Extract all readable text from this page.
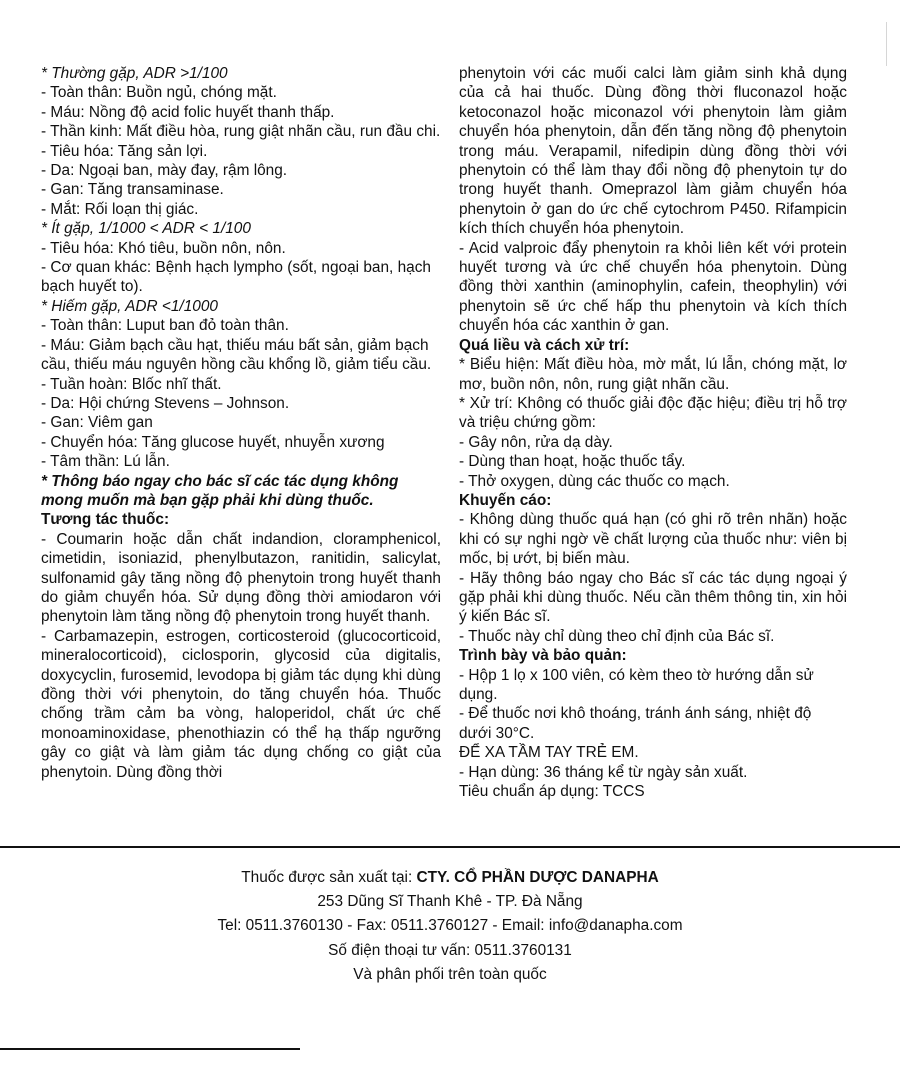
* Thường gặp, ADR >1/100

- Toàn thân: Buồn ngủ, chóng mặt.

- Máu: Nồng độ acid folic huyết thanh thấp.

- Thần kinh: Mất điều hòa, rung giật nhãn cầu, run đầu chi.

- Tiêu hóa: Tăng sản lợi.

- Da: Ngoại ban, mày đay, rậm lông.

- Gan: Tăng transaminase.

- Mắt: Rối loạn thị giác.

* Ít gặp, 1/1000 < ADR < 1/100

- Tiêu hóa: Khó tiêu, buồn nôn, nôn.

- Cơ quan khác: Bệnh hạch lympho (sốt, ngoại ban, hạch bạch huyết to).

* Hiếm gặp, ADR <1/1000

- Toàn thân: Luput ban đỏ toàn thân.

- Máu: Giảm bạch cầu hạt, thiếu máu bất sản, giảm bạch cầu, thiếu máu nguyên hồng cầu khổng lồ, giảm tiểu cầu.

- Tuần hoàn: Blốc nhĩ thất.

- Da: Hội chứng Stevens – Johnson.

- Gan: Viêm gan

- Chuyển hóa: Tăng glucose huyết, nhuyễn xương

- Tâm thần: Lú lẫn.

* Thông báo ngay cho bác sĩ các tác dụng không mong muốn mà bạn gặp phải khi dùng thuốc.

Tương tác thuốc:

- Coumarin hoặc dẫn chất indandion, cloramphenicol, cimetidin, isoniazid, phenylbutazon, ranitidin, salicylat, sulfonamid gây tăng nồng độ phenytoin trong huyết thanh do giảm chuyển hóa. Sử dụng đồng thời amiodaron với phenytoin làm tăng nồng độ phenytoin trong huyết thanh.

- Carbamazepin, estrogen, corticosteroid (glucocorticoid, mineralocorticoid), ciclosporin, glycosid của digitalis, doxycyclin, furosemid, levodopa bị giảm tác dụng khi dùng đồng thời với phenytoin, do tăng chuyển hóa. Thuốc chống trầm cảm ba vòng, haloperidol, chất ức chế monoaminoxidase, phenothiazin có thể hạ thấp ngưỡng gây co giật và làm giảm tác dụng chống co giật của phenytoin. Dùng đồng thời

phenytoin với các muối calci làm giảm sinh khả dụng của cả hai thuốc. Dùng đồng thời fluconazol hoặc ketoconazol hoặc miconazol với phenytoin làm giảm chuyển hóa phenytoin, dẫn đến tăng nồng độ phenytoin trong máu. Verapamil, nifedipin dùng đồng thời với phenytoin có thể làm thay đổi nồng độ phenytoin tự do trong huyết thanh. Omeprazol làm giảm chuyển hóa phenytoin ở gan do ức chế cytochrom P450. Rifampicin kích thích chuyển hóa phenytoin.

- Acid valproic đẩy phenytoin ra khỏi liên kết với protein huyết tương và ức chế chuyển hóa phenytoin. Dùng đồng thời xanthin (aminophylin, cafein, theophylin) với phenytoin sẽ ức chế hấp thu phenytoin và kích thích chuyển hóa các xanthin ở gan.

Quá liều và cách xử trí:

* Biểu hiện: Mất điều hòa, mờ mắt, lú lẫn, chóng mặt, lơ mơ, buồn nôn, nôn, rung giật nhãn cầu.

* Xử trí: Không có thuốc giải độc đặc hiệu; điều trị hỗ trợ và triệu chứng gồm:

- Gây nôn, rửa dạ dày.

- Dùng than hoạt, hoặc thuốc tẩy.

- Thở oxygen, dùng các thuốc co mạch.

Khuyến cáo:

- Không dùng thuốc quá hạn (có ghi rõ trên nhãn) hoặc khi có sự nghi ngờ về chất lượng của thuốc như: viên bị mốc, bị ướt, bị biến màu.

- Hãy thông báo ngay cho Bác sĩ các tác dụng ngoại ý gặp phải khi dùng thuốc. Nếu cần thêm thông tin, xin hỏi ý kiến Bác sĩ.

- Thuốc này chỉ dùng theo chỉ định của Bác sĩ.

Trình bày và bảo quản:

- Hộp 1 lọ x 100 viên, có kèm theo tờ hướng dẫn sử dụng.

- Để thuốc nơi khô thoáng, tránh ánh sáng, nhiệt độ dưới 30°C.

ĐỂ XA TẦM TAY TRẺ EM.

- Hạn dùng: 36 tháng kể từ ngày sản xuất.

Tiêu chuẩn áp dụng: TCCS

Thuốc được sản xuất tại: CTY. CỔ PHẦN DƯỢC DANAPHA

253 Dũng Sĩ Thanh Khê - TP. Đà Nẵng

Tel: 0511.3760130 - Fax: 0511.3760127 - Email: info@danapha.com

Số điện thoại tư vấn: 0511.3760131

Và phân phối trên toàn quốc
